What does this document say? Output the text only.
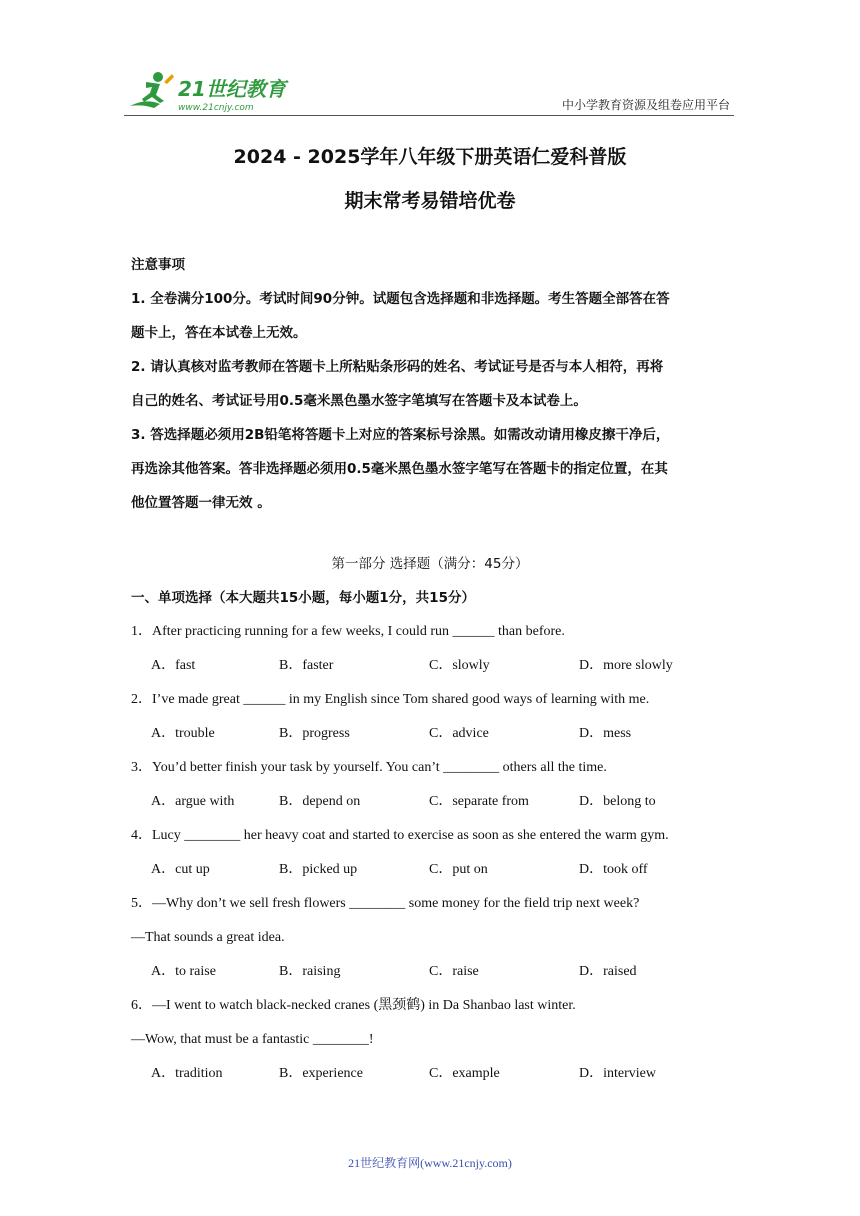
21世纪教育
www.21cnjy.com	中小学教育资源及组卷应用平台
2024 - 2025学年八年级下册英语仁爱科普版
期末常考易错培优卷

注意事项

1. 全卷满分100分。考试时间90分钟。试题包含选择题和非选择题。考生答题全部答在答

题卡上，答在本试卷上无效。

2. 请认真核对监考教师在答题卡上所粘贴条形码的姓名、考试证号是否与本人相符，再将

自己的姓名、考试证号用0.5毫米黑色墨水签字笔填写在答题卡及本试卷上。

3. 答选择题必须用2B铅笔将答题卡上对应的答案标号涂黑。如需改动请用橡皮擦干净后，

再选涂其他答案。答非选择题必须用0.5毫米黑色墨水签字笔写在答题卡的指定位置，在其

他位置答题一律无效 。

第一部分 选择题（满分：45分）
一、单项选择（本大题共15小题，每小题1分，共15分）
1．After practicing running for a few weeks, I could run ______ than before.
A．fast	B．faster	C．slowly	D．more slowly
2．I’ve made great ______ in my English since Tom shared good ways of learning with me.
A．trouble	B．progress	C．advice	D．mess
3．You’d better finish your task by yourself. You can’t ________ others all the time.
A．argue with	B．depend on	C．separate from	D．belong to
4．Lucy ________ her heavy coat and started to exercise as soon as she entered the warm gym.
A．cut up	B．picked up	C．put on	D．took off
5．—Why don’t we sell fresh flowers ________ some money for the field trip next week?
—That sounds a great idea.
A．to raise	B．raising	C．raise	D．raised
6．—I went to watch black-necked cranes (黑颈鹤) in Da Shanbao last winter.
—Wow, that must be a fantastic ________!
A．tradition	B．experience	C．example	D．interview
21世纪教育网(www.21cnjy.com)
